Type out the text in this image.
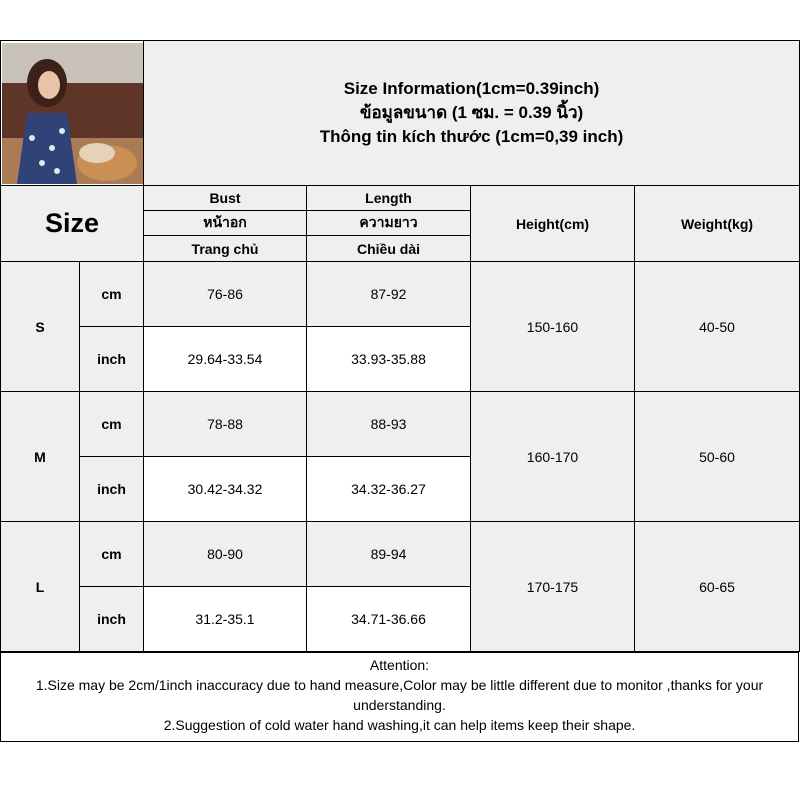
Size Information(1cm=0.39inch)
ข้อมูลขนาด (1 ซม. = 0.39 นิ้ว)
Thông tin kích thước (1cm=0,39 inch)			

Size		Bust	Length	Height(cm)	Weight(kg)
		หน้าอก	ความยาว		
		Trang chủ	Chiều dài		
S	cm	76-86	87-92	150-160	40-50
	inch	29.64-33.54	33.93-35.88		
M	cm	78-88	88-93	160-170	50-60
	inch	30.42-34.32	34.32-36.27		
L	cm	80-90	89-94	170-175	60-65
	inch	31.2-35.1	34.71-36.66		
Attention:
1.Size may be 2cm/1inch inaccuracy due to hand measure,Color may be little different due to monitor ,thanks for your understanding.
2.Suggestion of cold water hand washing,it can help items keep their shape.
